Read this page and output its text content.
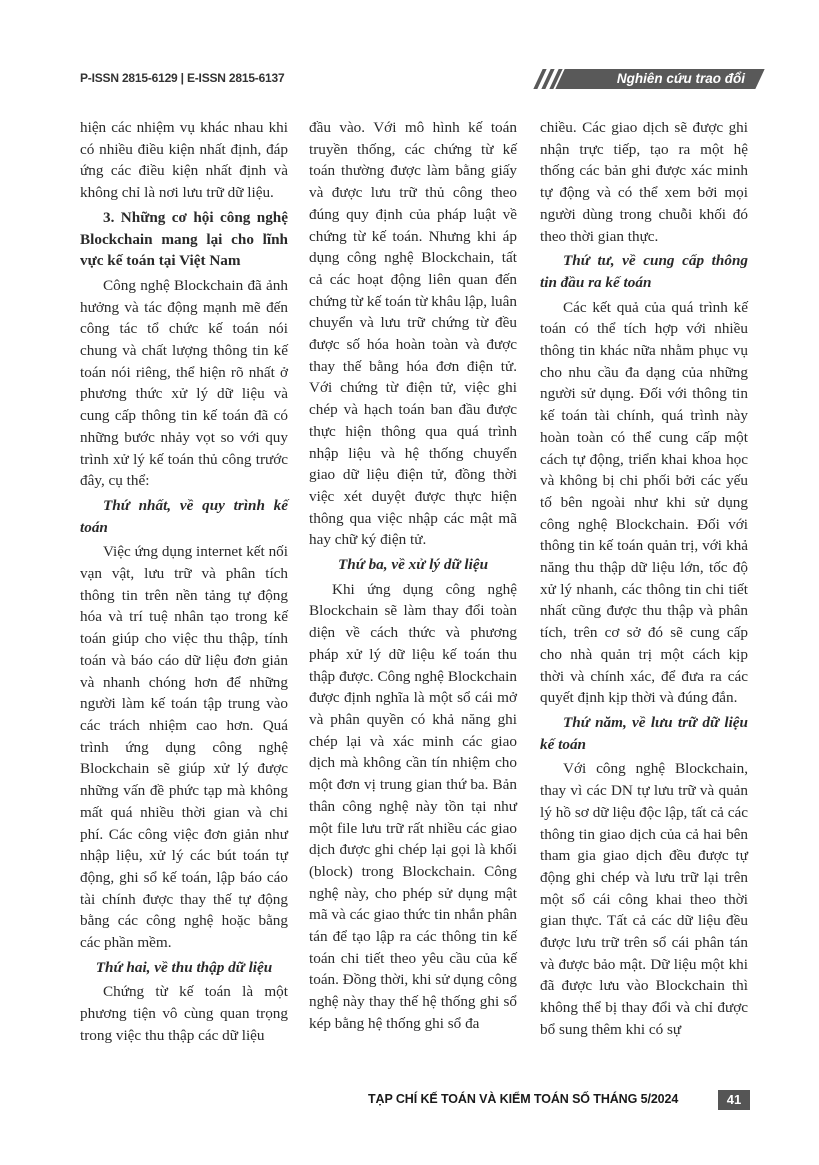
P-ISSN 2815-6129 | E-ISSN 2815-6137	Nghiên cứu trao đổi

hiện các nhiệm vụ khác nhau khi có nhiều điều kiện nhất định, đáp ứng các điều kiện nhất định và không chỉ là nơi lưu trữ dữ liệu.

3. Những cơ hội công nghệ Blockchain mang lại cho lĩnh vực kế toán tại Việt Nam

Công nghệ Blockchain đã ảnh hưởng và tác động mạnh mẽ đến công tác tổ chức kế toán nói chung và chất lượng thông tin kế toán nói riêng, thể hiện rõ nhất ở phương thức xử lý dữ liệu và cung cấp thông tin kế toán đã có những bước nhảy vọt so với quy trình xử lý kế toán thủ công trước đây, cụ thể:

Thứ nhất, về quy trình kế toán

Việc ứng dụng internet kết nối vạn vật, lưu trữ và phân tích thông tin trên nền tảng tự động hóa và trí tuệ nhân tạo trong kế toán giúp cho việc thu thập, tính toán và báo cáo dữ liệu đơn giản và nhanh chóng hơn để những người làm kế toán tập trung vào các trách nhiệm cao hơn. Quá trình ứng dụng công nghệ Blockchain sẽ giúp xử lý được những vấn đề phức tạp mà không mất quá nhiều thời gian và chi phí. Các công việc đơn giản như nhập liệu, xử lý các bút toán tự động, ghi sổ kế toán, lập báo cáo tài chính được thay thế tự động bằng các công nghệ hoặc bằng các phần mềm.

Thứ hai, về thu thập dữ liệu

Chứng từ kế toán là một phương tiện vô cùng quan trọng trong việc thu thập các dữ liệu

đầu vào. Với mô hình kế toán truyền thống, các chứng từ kế toán thường được làm bằng giấy và được lưu trữ thủ công theo đúng quy định của pháp luật về chứng từ kế toán. Nhưng khi áp dụng công nghệ Blockchain, tất cả các hoạt động liên quan đến chứng từ kế toán từ khâu lập, luân chuyển và lưu trữ chứng từ đều được số hóa hoàn toàn và được thay thế bằng hóa đơn điện tử. Với chứng từ điện tử, việc ghi chép và hạch toán ban đầu được thực hiện thông qua quá trình nhập liệu và hệ thống chuyển giao dữ liệu điện tử, đồng thời việc xét duyệt được thực hiện thông qua việc nhập các mật mã hay chữ ký điện tử.

Thứ ba, về xử lý dữ liệu

Khi ứng dụng công nghệ Blockchain sẽ làm thay đổi toàn diện về cách thức và phương pháp xử lý dữ liệu kế toán thu thập được. Công nghệ Blockchain được định nghĩa là một sổ cái mở và phân quyền có khả năng ghi chép lại và xác minh các giao dịch mà không cần tín nhiệm cho một đơn vị trung gian thứ ba. Bản thân công nghệ này tồn tại như một file lưu trữ rất nhiều các giao dịch được ghi chép lại gọi là khối (block) trong Blockchain. Công nghệ này, cho phép sử dụng mật mã và các giao thức tin nhắn phân tán để tạo lập ra các thông tin kế toán chi tiết theo yêu cầu của kế toán. Đồng thời, khi sử dụng công nghệ này thay thế hệ thống ghi sổ kép bằng hệ thống ghi sổ đa

chiều. Các giao dịch sẽ được ghi nhận trực tiếp, tạo ra một hệ thống các bản ghi được xác minh tự động và có thể xem bởi mọi người dùng trong chuỗi khối đó theo thời gian thực.

Thứ tư, về cung cấp thông tin đầu ra kế toán

Các kết quả của quá trình kế toán có thể tích hợp với nhiều thông tin khác nữa nhằm phục vụ cho nhu cầu đa dạng của những người sử dụng. Đối với thông tin kế toán tài chính, quá trình này hoàn toàn có thể cung cấp một cách tự động, triển khai khoa học và không bị chi phối bởi các yếu tố bên ngoài như khi sử dụng công nghệ Blockchain. Đối với thông tin kế toán quản trị, với khả năng thu thập dữ liệu lớn, tốc độ xử lý nhanh, các thông tin chi tiết nhất cũng được thu thập và phân tích, trên cơ sở đó sẽ cung cấp cho nhà quản trị một cách kịp thời và chính xác, để đưa ra các quyết định kịp thời và đúng đắn.

Thứ năm, về lưu trữ dữ liệu kế toán

Với công nghệ Blockchain, thay vì các DN tự lưu trữ và quản lý hồ sơ dữ liệu độc lập, tất cả các thông tin giao dịch của cả hai bên tham gia giao dịch đều được tự động ghi chép và lưu trữ lại trên một sổ cái công khai theo thời gian thực. Tất cả các dữ liệu đều được lưu trữ trên sổ cái phân tán và được bảo mật. Dữ liệu một khi đã được lưu vào Blockchain thì không thể bị thay đổi và chỉ được bổ sung thêm khi có sự

TẠP CHÍ KẾ TOÁN VÀ KIỂM TOÁN SỐ THÁNG 5/2024	41
